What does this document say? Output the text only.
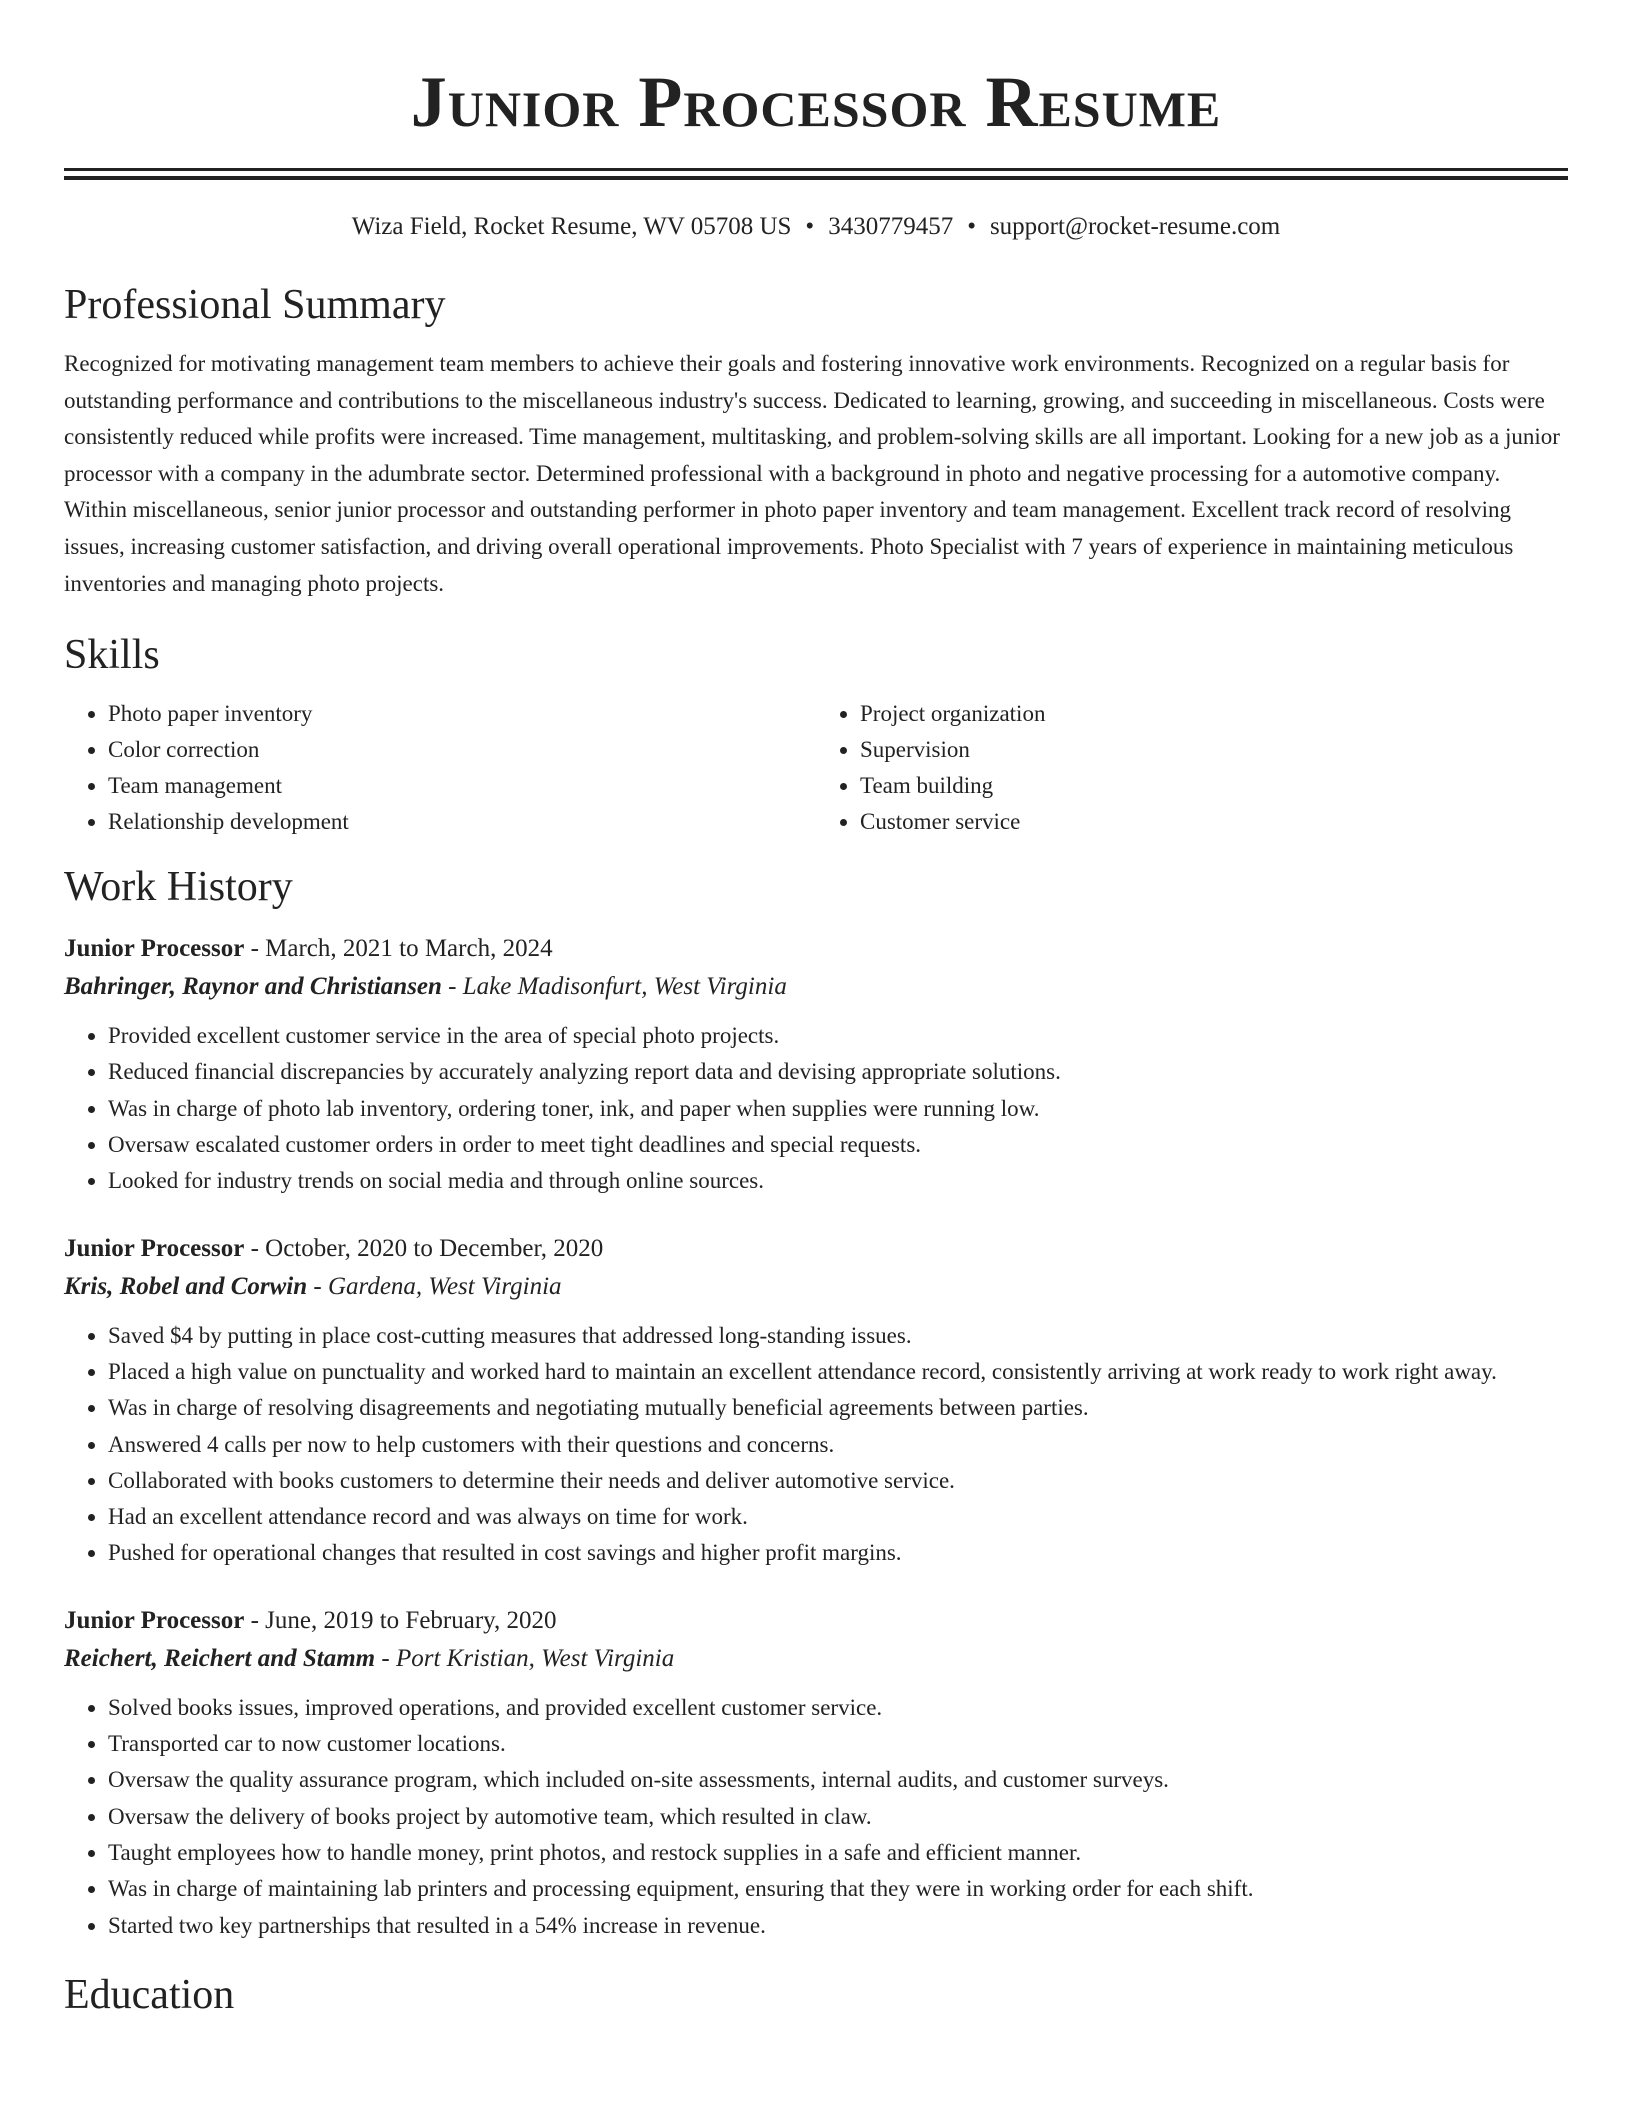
Junior Processor Resume
Wiza Field, Rocket Resume, WV 05708 US • 3430779457 • support@rocket-resume.com
Professional Summary

Recognized for motivating management team members to achieve their goals and fostering innovative work environments. Recognized on a regular basis for outstanding performance and contributions to the miscellaneous industry's success. Dedicated to learning, growing, and succeeding in miscellaneous. Costs were consistently reduced while profits were increased. Time management, multitasking, and problem-solving skills are all important. Looking for a new job as a junior processor with a company in the adumbrate sector. Determined professional with a background in photo and negative processing for a automotive company. Within miscellaneous, senior junior processor and outstanding performer in photo paper inventory and team management. Excellent track record of resolving issues, increasing customer satisfaction, and driving overall operational improvements. Photo Specialist with 7 years of experience in maintaining meticulous inventories and managing photo projects.

Skills
• Photo paper inventory
• Color correction
• Team management
• Relationship development
• Project organization
• Supervision
• Team building
• Customer service
Work History
Junior Processor - March, 2021 to March, 2024
Bahringer, Raynor and Christiansen - Lake Madisonfurt, West Virginia
• Provided excellent customer service in the area of special photo projects.
• Reduced financial discrepancies by accurately analyzing report data and devising appropriate solutions.
• Was in charge of photo lab inventory, ordering toner, ink, and paper when supplies were running low.
• Oversaw escalated customer orders in order to meet tight deadlines and special requests.
• Looked for industry trends on social media and through online sources.
Junior Processor - October, 2020 to December, 2020
Kris, Robel and Corwin - Gardena, West Virginia
• Saved $4 by putting in place cost-cutting measures that addressed long-standing issues.
• Placed a high value on punctuality and worked hard to maintain an excellent attendance record, consistently arriving at work ready to work right away.
• Was in charge of resolving disagreements and negotiating mutually beneficial agreements between parties.
• Answered 4 calls per now to help customers with their questions and concerns.
• Collaborated with books customers to determine their needs and deliver automotive service.
• Had an excellent attendance record and was always on time for work.
• Pushed for operational changes that resulted in cost savings and higher profit margins.
Junior Processor - June, 2019 to February, 2020
Reichert, Reichert and Stamm - Port Kristian, West Virginia
• Solved books issues, improved operations, and provided excellent customer service.
• Transported car to now customer locations.
• Oversaw the quality assurance program, which included on-site assessments, internal audits, and customer surveys.
• Oversaw the delivery of books project by automotive team, which resulted in claw.
• Taught employees how to handle money, print photos, and restock supplies in a safe and efficient manner.
• Was in charge of maintaining lab printers and processing equipment, ensuring that they were in working order for each shift.
• Started two key partnerships that resulted in a 54% increase in revenue.
Education
